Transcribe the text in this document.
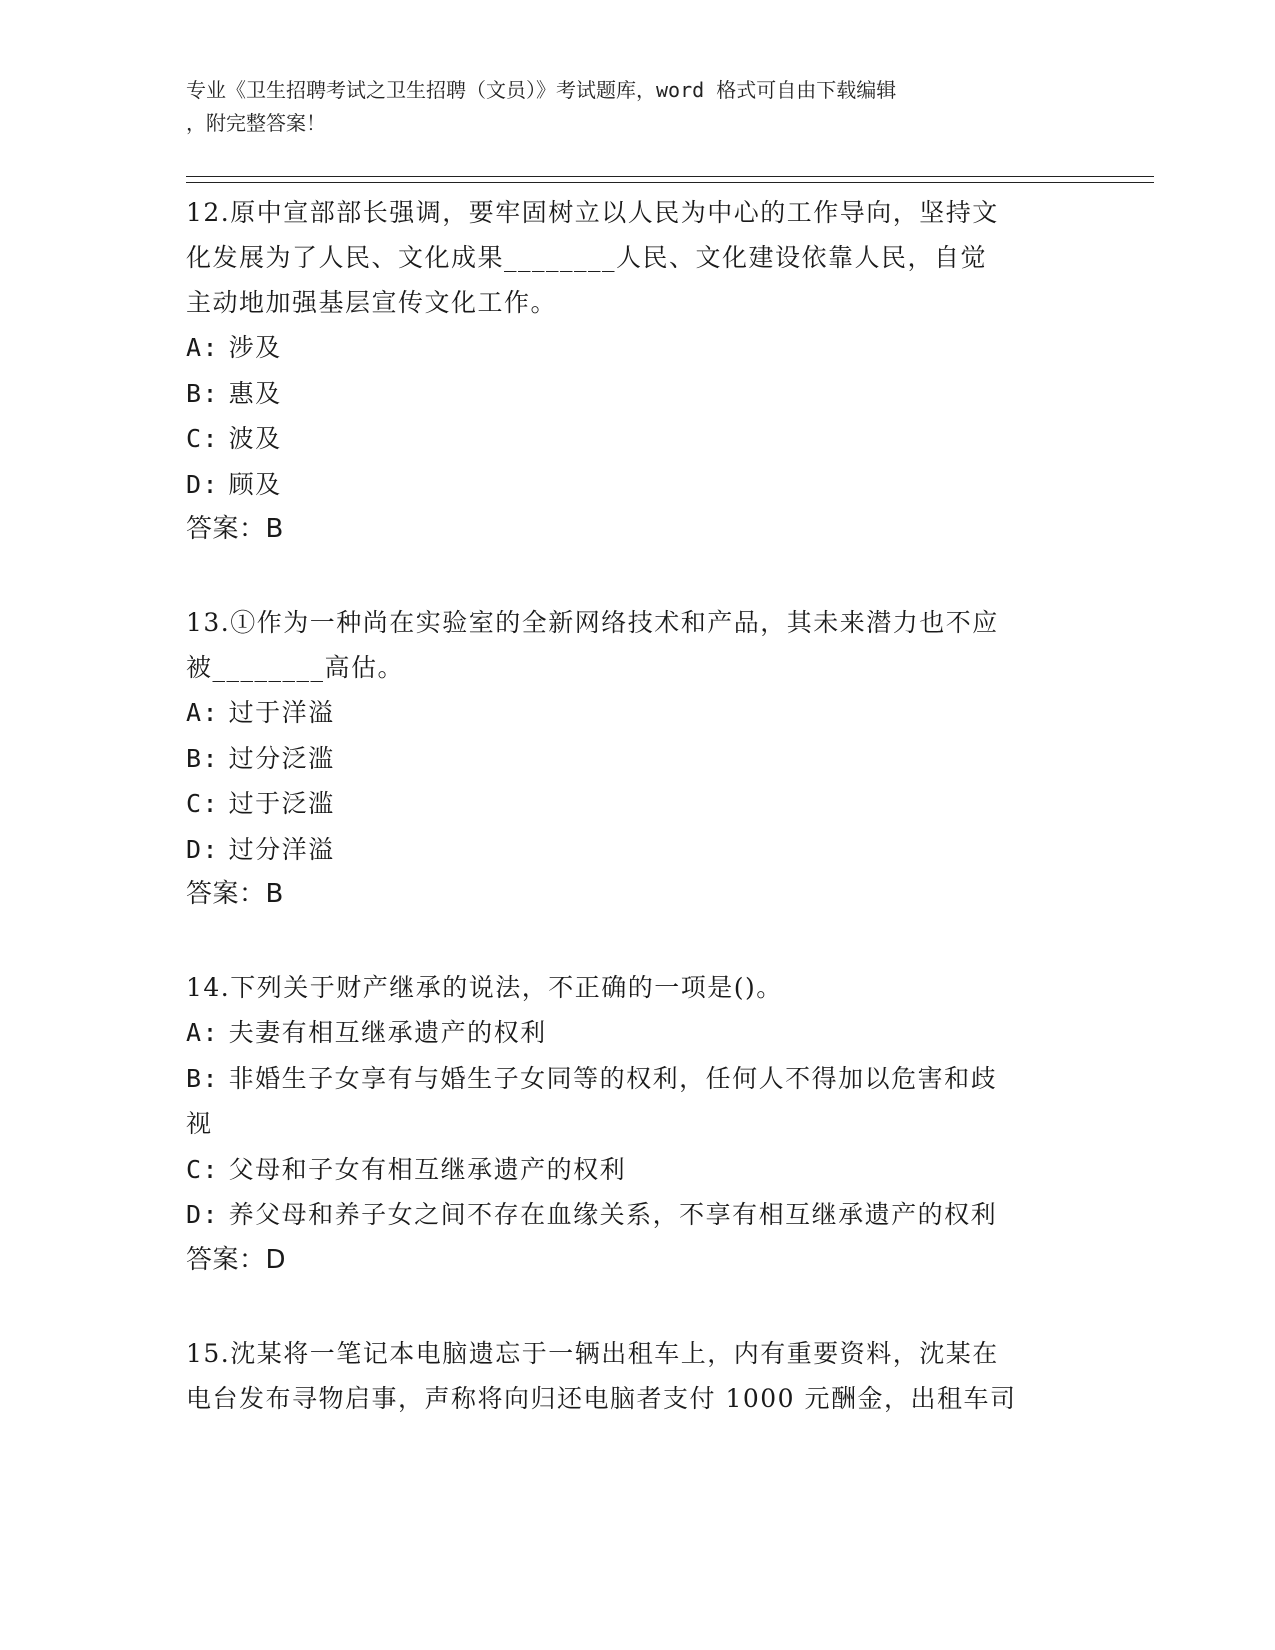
专业《卫生招聘考试之卫生招聘（文员）》考试题库，word 格式可自由下载编辑
，附完整答案！

12.原中宣部部长强调，要牢固树立以人民为中心的工作导向，坚持文

化发展为了人民、文化成果________人民、文化建设依靠人民，自觉

主动地加强基层宣传文化工作。

A: 涉及

B: 惠及

C: 波及

D: 顾及

答案：B

13.①作为一种尚在实验室的全新网络技术和产品，其未来潜力也不应

被________高估。

A: 过于洋溢

B: 过分泛滥

C: 过于泛滥

D: 过分洋溢

答案：B

14.下列关于财产继承的说法，不正确的一项是()。

A: 夫妻有相互继承遗产的权利

B: 非婚生子女享有与婚生子女同等的权利，任何人不得加以危害和歧

视

C: 父母和子女有相互继承遗产的权利

D: 养父母和养子女之间不存在血缘关系，不享有相互继承遗产的权利

答案：D

15.沈某将一笔记本电脑遗忘于一辆出租车上，内有重要资料，沈某在

电台发布寻物启事，声称将向归还电脑者支付 1000 元酬金，出租车司
